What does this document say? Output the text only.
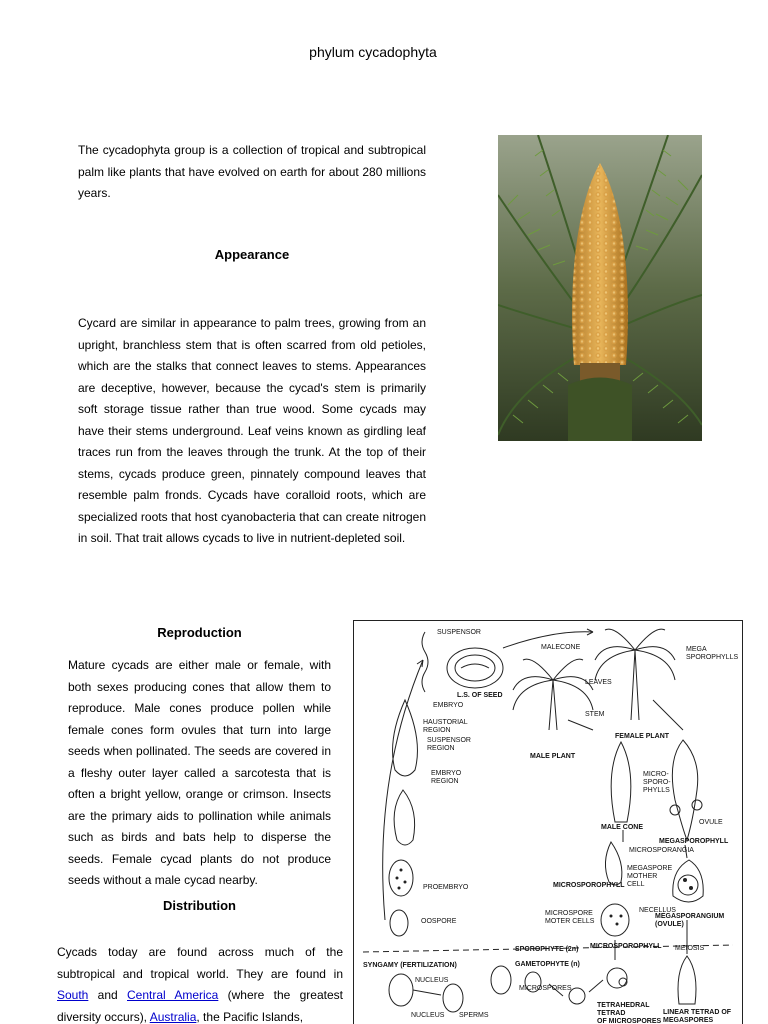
phylum cycadophyta

The cycadophyta group is a collection of tropical and subtropical palm like plants that have evolved on earth for about 280 millions years.

Appearance

Cycard are similar in appearance to palm trees, growing from an upright, branchless stem that is often scarred from old petioles, which are the stalks that connect leaves to stems. Appearances are deceptive, however, because the cycad's stem is primarily soft storage tissue rather than true wood. Some cycads may have their stems underground. Leaf veins known as girdling leaf traces run from the leaves through the trunk. At the top of their stems, cycads produce green, pinnately compound leaves that resemble palm fronds. Cycads have coralloid roots, which are specialized roots that host cyanobacteria that can create nitrogen in soil. That trait allows cycads to live in nutrient-depleted soil.

Reproduction

Mature cycads are either male or female, with both sexes producing cones that allow them to reproduce. Male cones produce pollen while female cones form ovules that turn into large seeds when pollinated. The seeds are covered in a fleshy outer layer called a sarcotesta that is often a bright yellow, orange or crimson. Insects are the primary aids to pollination while animals such as birds and bats help to disperse the seeds. Female cycad plants do not produce seeds without a male cycad nearby.

Distribution

Cycads today are found across much of the subtropical and tropical world. They are found in South and Central America (where the greatest diversity occurs), Australia, the Pacific Islands,

SUSPENSOR
MALECONE	MEGA SPOROPHYLLS
L.S. OF SEED
EMBRYO
LEAVES
HAUSTORIAL REGION
SUSPENSOR REGION
STEM
FEMALE PLANT
MALE PLANT
EMBRYO REGION
MICRO-SPORO-PHYLLS
OVULE
MALE CONE
MEGASPOROPHYLL
MICROSPORANGIA
PROEMBRYO
MEGASPORE MOTHER CELL
MICROSPOROPHYLL
OOSPORE
MICROSPORE MOTER CELLS
NECELLUS
MEGASPORANGIUM (OVULE)
SPOROPHYTE (2n) MICROSPOROPHYLL MEIOSIS
SYNGAMY (FERTILIZATION)	GAMETOPHYTE (n)
NUCLEUS
MICROSPORES
TETRAHEDRAL TETRAD OF MICROSPORES
LINEAR TETRAD OF MEGASPORES
NUCLEUS SPERMS
